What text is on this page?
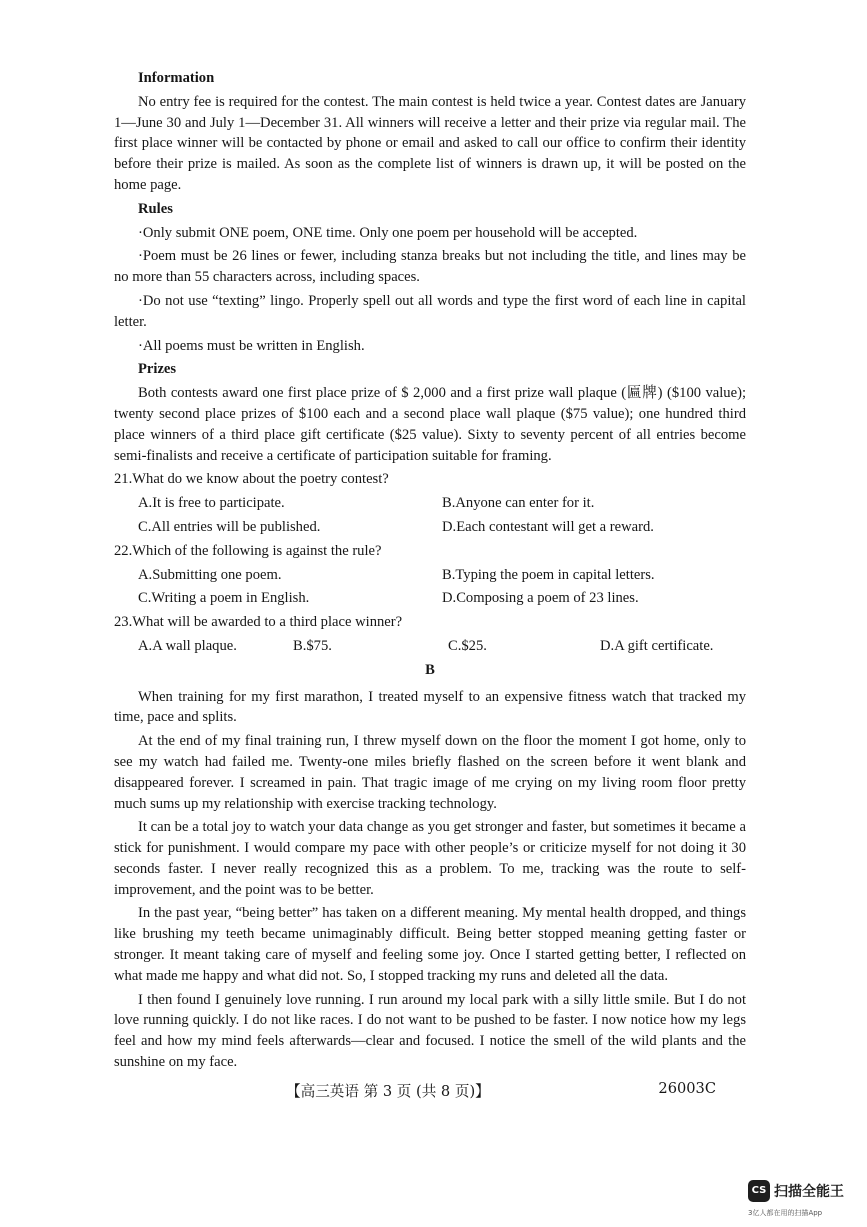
Information

No entry fee is required for the contest. The main contest is held twice a year. Contest dates are January 1—June 30 and July 1—December 31. All winners will receive a letter and their prize via regular mail. The first place winner will be contacted by phone or email and asked to call our office to confirm their identity before their prize is mailed. As soon as the complete list of winners is drawn up, it will be posted on the home page.

Rules

·Only submit ONE poem, ONE time. Only one poem per household will be accepted.

·Poem must be 26 lines or fewer, including stanza breaks but not including the title, and lines may be no more than 55 characters across, including spaces.

·Do not use “texting” lingo. Properly spell out all words and type the first word of each line in capital letter.

·All poems must be written in English.

Prizes

Both contests award one first place prize of $ 2,000 and a first prize wall plaque (匾牌) ($100 value); twenty second place prizes of $100 each and a second place wall plaque ($75 value); one hundred third place winners of a third place gift certificate ($25 value). Sixty to seventy percent of all entries become semi-finalists and receive a certificate of participation suitable for framing.

21.What do we know about the poetry contest?

A.It is free to participate.	B.Anyone can enter for it.
C.All entries will be published.	D.Each contestant will get a reward.

22.Which of the following is against the rule?

A.Submitting one poem.	B.Typing the poem in capital letters.
C.Writing a poem in English.	D.Composing a poem of 23 lines.

23.What will be awarded to a third place winner?

A.A wall plaque.	B.$75.	C.$25.	D.A gift certificate.

B

When training for my first marathon, I treated myself to an expensive fitness watch that tracked my time, pace and splits.

At the end of my final training run, I threw myself down on the floor the moment I got home, only to see my watch had failed me. Twenty-one miles briefly flashed on the screen before it went blank and disappeared forever. I screamed in pain. That tragic image of me crying on my living room floor pretty much sums up my relationship with exercise tracking technology.

It can be a total joy to watch your data change as you get stronger and faster, but sometimes it became a stick for punishment. I would compare my pace with other people’s or criticize myself for not doing it 30 seconds faster. I never really recognized this as a problem. To me, tracking was the route to self-improvement, and the point was to be better.

In the past year, “being better” has taken on a different meaning. My mental health dropped, and things like brushing my teeth became unimaginably difficult. Being better stopped meaning getting faster or stronger. It meant taking care of myself and feeling some joy. Once I started getting better, I reflected on what made me happy and what did not. So, I stopped tracking my runs and deleted all the data.

I then found I genuinely love running. I run around my local park with a silly little smile. But I do not love running quickly. I do not like races. I do not want to be pushed to be faster. I now notice how my legs feel and how my mind feels afterwards—clear and focused. I notice the smell of the wild plants and the sunshine on my face.

【高三英语 第 3 页 (共 8 页)】	26003C
CS 扫描全能王
3亿人都在用的扫描App
